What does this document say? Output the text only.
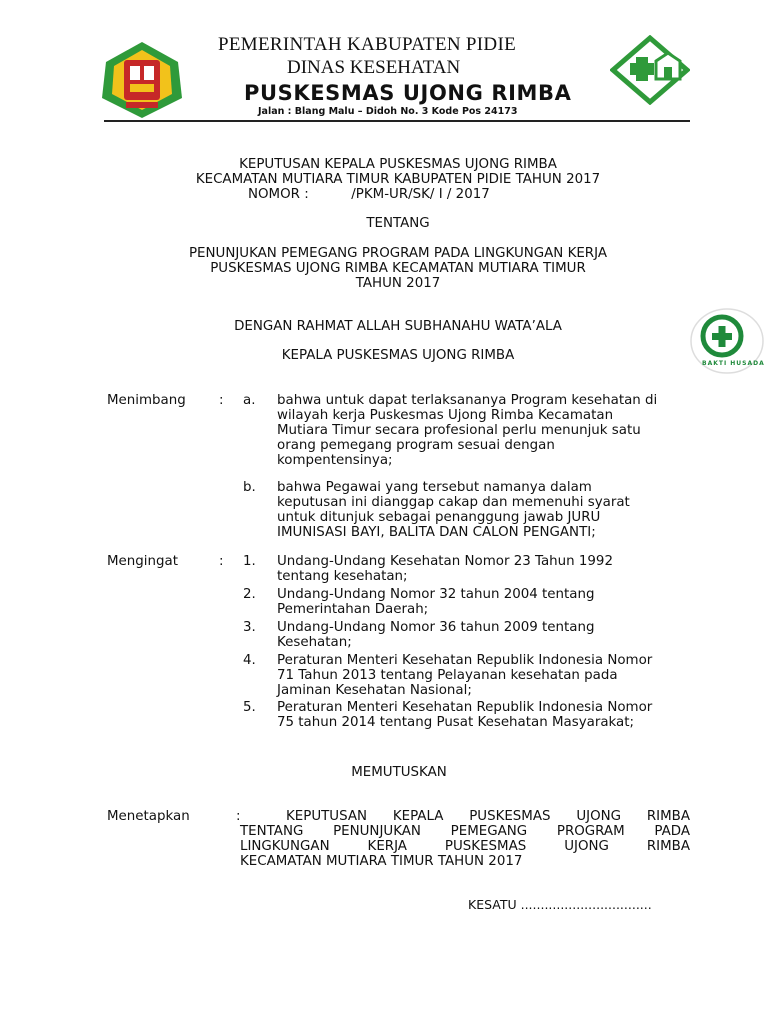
PEMERINTAH KABUPATEN PIDIE
DINAS KESEHATAN
PUSKESMAS UJONG RIMBA
Jalan : Blang Malu – Didoh No. 3 Kode Pos 24173
KEPUTUSAN KEPALA PUSKESMAS UJONG RIMBA
KECAMATAN MUTIARA TIMUR KABUPATEN PIDIE TAHUN 2017
NOMOR :          /PKM-UR/SK/ I / 2017
TENTANG
PENUNJUKAN PEMEGANG PROGRAM PADA LINGKUNGAN KERJA
PUSKESMAS UJONG RIMBA KECAMATAN MUTIARA TIMUR
TAHUN 2017
DENGAN RAHMAT ALLAH SUBHANAHU WATA’ALA
KEPALA PUSKESMAS UJONG RIMBA
BAKTI HUSADA
Menimbang : a. bahwa untuk dapat terlaksananya Program kesehatan di

wilayah kerja Puskesmas Ujong Rimba Kecamatan

Mutiara Timur secara profesional perlu menunjuk satu

orang pemegang program sesuai dengan

kompentensinya;

b. bahwa Pegawai yang tersebut namanya dalam

keputusan ini dianggap cakap dan memenuhi syarat

untuk ditunjuk sebagai penanggung jawab JURU

IMUNISASI BAYI, BALITA DAN CALON PENGANTI;

Mengingat	: 1. Undang-Undang Kesehatan Nomor 23 Tahun 1992

tentang kesehatan;

2. Undang-Undang Nomor 32 tahun 2004 tentang

Pemerintahan Daerah;

3. Undang-Undang Nomor 36 tahun 2009 tentang

Kesehatan;

4. Peraturan Menteri Kesehatan Republik Indonesia Nomor

71 Tahun 2013 tentang Pelayanan kesehatan pada

Jaminan Kesehatan Nasional;

5. Peraturan Menteri Kesehatan Republik Indonesia Nomor

75 tahun 2014 tentang Pusat Kesehatan Masyarakat;

MEMUTUSKAN
Menetapkan	:	KEPUTUSAN KEPALA PUSKESMAS UJONG RIMBA

TENTANG PENUNJUKAN PEMEGANG PROGRAM PADA

LINGKUNGAN KERJA PUSKESMAS UJONG RIMBA

KECAMATAN MUTIARA TIMUR TAHUN 2017

KESATU .................................
